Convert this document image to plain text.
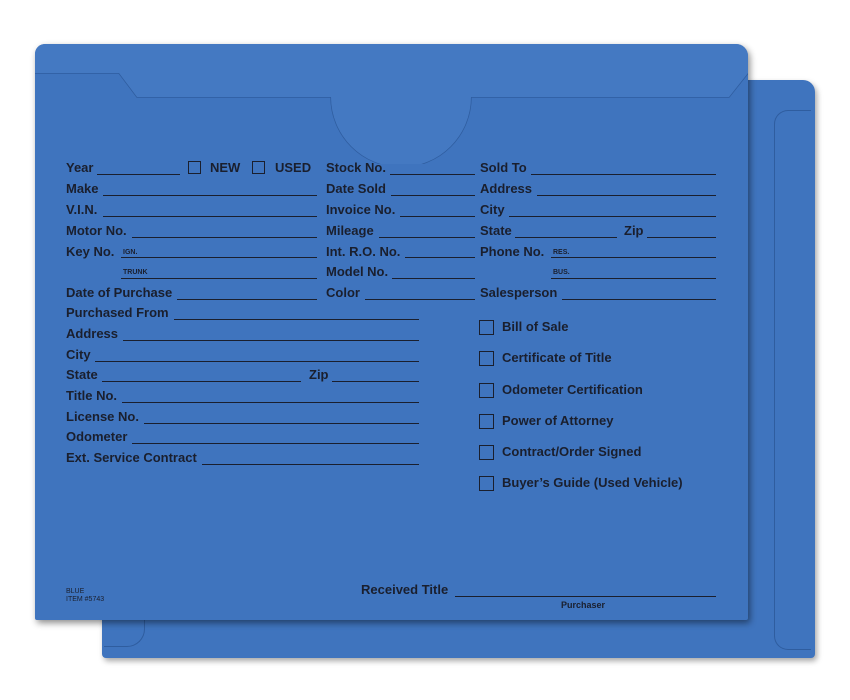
Year	NEW	USED Stock No.	Sold To
Make	Date Sold	Address
V.I.N.	Invoice No.	City
Motor No.	Mileage	State	Zip
Key No. IGN.	Int. R.O. No.	Phone No. RES.
TRUNK	Model No.	BUS.
Date of Purchase	Color	Salesperson
Purchased From
Address
City
State	Zip
Title No.
License No.
Odometer
Ext. Service Contract
Bill of Sale
Certificate of Title
Odometer Certification
Power of Attorney
Contract/Order Signed
Buyer’s Guide (Used Vehicle)
BLUE
ITEM #5743
Received Title
Purchaser
